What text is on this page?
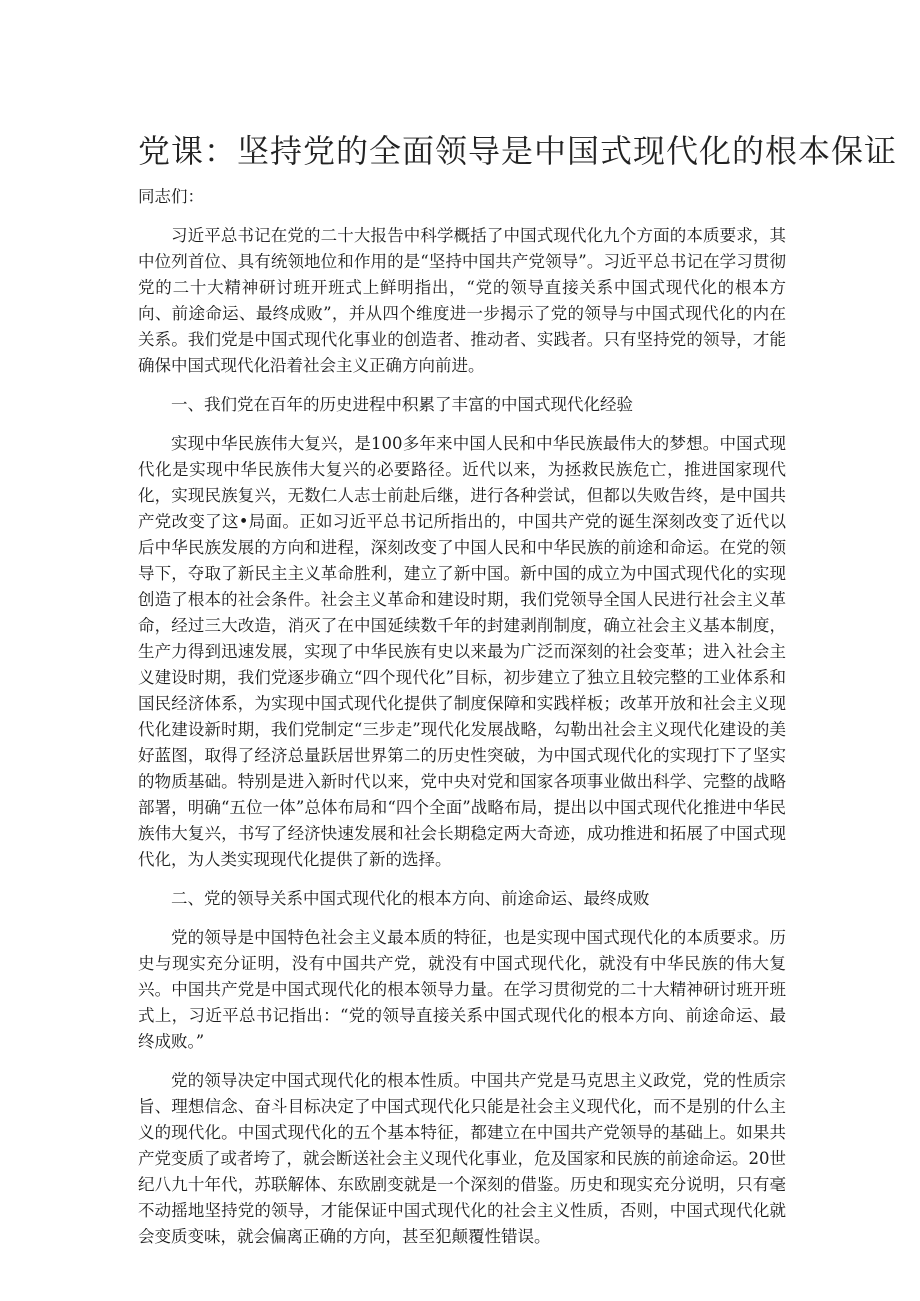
党课：坚持党的全面领导是中国式现代化的根本保证

同志们：

习近平总书记在党的二十大报告中科学概括了中国式现代化九个方面的本质要求，其中位列首位、具有统领地位和作用的是“坚持中国共产党领导”。习近平总书记在学习贯彻党的二十大精神研讨班开班式上鲜明指出，“党的领导直接关系中国式现代化的根本方向、前途命运、最终成败”，并从四个维度进一步揭示了党的领导与中国式现代化的内在关系。我们党是中国式现代化事业的创造者、推动者、实践者。只有坚持党的领导，才能确保中国式现代化沿着社会主义正确方向前进。

一、我们党在百年的历史进程中积累了丰富的中国式现代化经验

实现中华民族伟大复兴，是100多年来中国人民和中华民族最伟大的梦想。中国式现代化是实现中华民族伟大复兴的必要路径。近代以来，为拯救民族危亡，推进国家现代化，实现民族复兴，无数仁人志士前赴后继，进行各种尝试，但都以失败告终，是中国共产党改变了这•局面。正如习近平总书记所指出的，中国共产党的诞生深刻改变了近代以后中华民族发展的方向和进程，深刻改变了中国人民和中华民族的前途和命运。在党的领导下，夺取了新民主主义革命胜利，建立了新中国。新中国的成立为中国式现代化的实现创造了根本的社会条件。社会主义革命和建设时期，我们党领导全国人民进行社会主义革命，经过三大改造，消灭了在中国延续数千年的封建剥削制度，确立社会主义基本制度，生产力得到迅速发展，实现了中华民族有史以来最为广泛而深刻的社会变革；进入社会主义建设时期，我们党逐步确立“四个现代化”目标，初步建立了独立且较完整的工业体系和国民经济体系，为实现中国式现代化提供了制度保障和实践样板；改革开放和社会主义现代化建设新时期，我们党制定“三步走”现代化发展战略，勾勒出社会主义现代化建设的美好蓝图，取得了经济总量跃居世界第二的历史性突破，为中国式现代化的实现打下了坚实的物质基础。特别是进入新时代以来，党中央对党和国家各项事业做出科学、完整的战略部署，明确“五位一体”总体布局和“四个全面”战略布局，提出以中国式现代化推进中华民族伟大复兴，书写了经济快速发展和社会长期稳定两大奇迹，成功推进和拓展了中国式现代化，为人类实现现代化提供了新的选择。

二、党的领导关系中国式现代化的根本方向、前途命运、最终成败

党的领导是中国特色社会主义最本质的特征，也是实现中国式现代化的本质要求。历史与现实充分证明，没有中国共产党，就没有中国式现代化，就没有中华民族的伟大复兴。中国共产党是中国式现代化的根本领导力量。在学习贯彻党的二十大精神研讨班开班式上，习近平总书记指出：“党的领导直接关系中国式现代化的根本方向、前途命运、最终成败。”

党的领导决定中国式现代化的根本性质。中国共产党是马克思主义政党，党的性质宗旨、理想信念、奋斗目标决定了中国式现代化只能是社会主义现代化，而不是别的什么主义的现代化。中国式现代化的五个基本特征，都建立在中国共产党领导的基础上。如果共产党变质了或者垮了，就会断送社会主义现代化事业，危及国家和民族的前途命运。20世纪八九十年代，苏联解体、东欧剧变就是一个深刻的借鉴。历史和现实充分说明，只有毫不动摇地坚持党的领导，才能保证中国式现代化的社会主义性质，否则，中国式现代化就会变质变味，就会偏离正确的方向，甚至犯颠覆性错误。
